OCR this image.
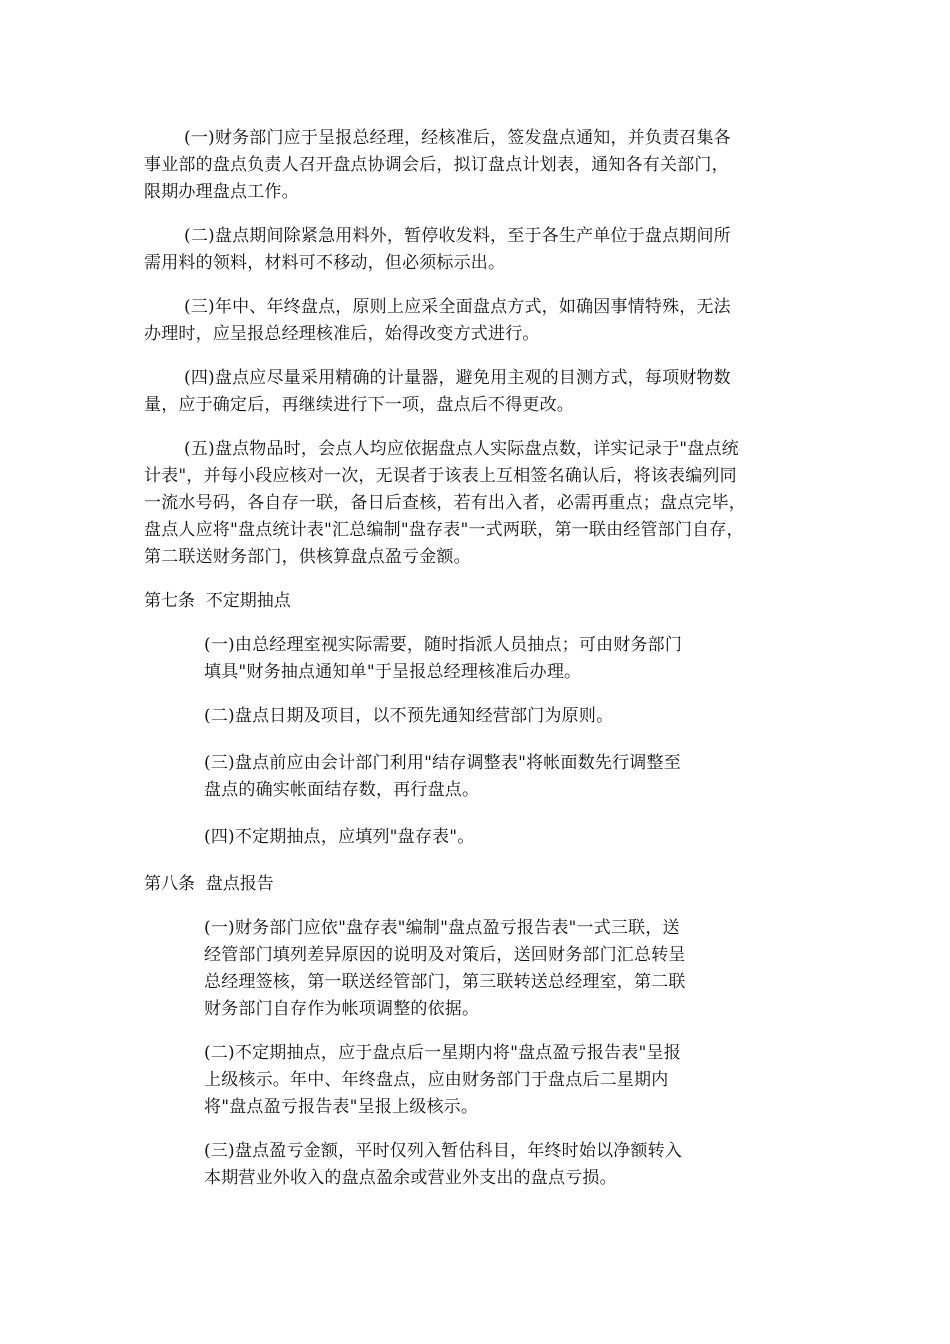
(一)财务部门应于呈报总经理，经核准后，签发盘点通知，并负责召集各
事业部的盘点负责人召开盘点协调会后，拟订盘点计划表，通知各有关部门，
限期办理盘点工作。
(二)盘点期间除紧急用料外，暂停收发料，至于各生产单位于盘点期间所
需用料的领料，材料可不移动，但必须标示出。
(三)年中、年终盘点，原则上应采全面盘点方式，如确因事情特殊，无法
办理时，应呈报总经理核准后，始得改变方式进行。
(四)盘点应尽量采用精确的计量器，避免用主观的目测方式，每项财物数
量，应于确定后，再继续进行下一项，盘点后不得更改。
(五)盘点物品时，会点人均应依据盘点人实际盘点数，详实记录于"盘点统
计表"，并每小段应核对一次，无误者于该表上互相签名确认后，将该表编列同
一流水号码，各自存一联，备日后查核，若有出入者，必需再重点；盘点完毕，
盘点人应将"盘点统计表"汇总编制"盘存表"一式两联，第一联由经管部门自存，
第二联送财务部门，供核算盘点盈亏金额。
第七条  不定期抽点
(一)由总经理室视实际需要，随时指派人员抽点；可由财务部门
填具"财务抽点通知单"于呈报总经理核准后办理。
(二)盘点日期及项目，以不预先通知经营部门为原则。
(三)盘点前应由会计部门利用"结存调整表"将帐面数先行调整至
盘点的确实帐面结存数，再行盘点。
(四)不定期抽点，应填列"盘存表"。
第八条  盘点报告
(一)财务部门应依"盘存表"编制"盘点盈亏报告表"一式三联，送
经管部门填列差异原因的说明及对策后，送回财务部门汇总转呈
总经理签核，第一联送经管部门，第三联转送总经理室，第二联
财务部门自存作为帐项调整的依据。
(二)不定期抽点，应于盘点后一星期内将"盘点盈亏报告表"呈报
上级核示。年中、年终盘点，应由财务部门于盘点后二星期内
将"盘点盈亏报告表"呈报上级核示。
(三)盘点盈亏金额，平时仅列入暂估科目，年终时始以净额转入
本期营业外收入的盘点盈余或营业外支出的盘点亏损。
